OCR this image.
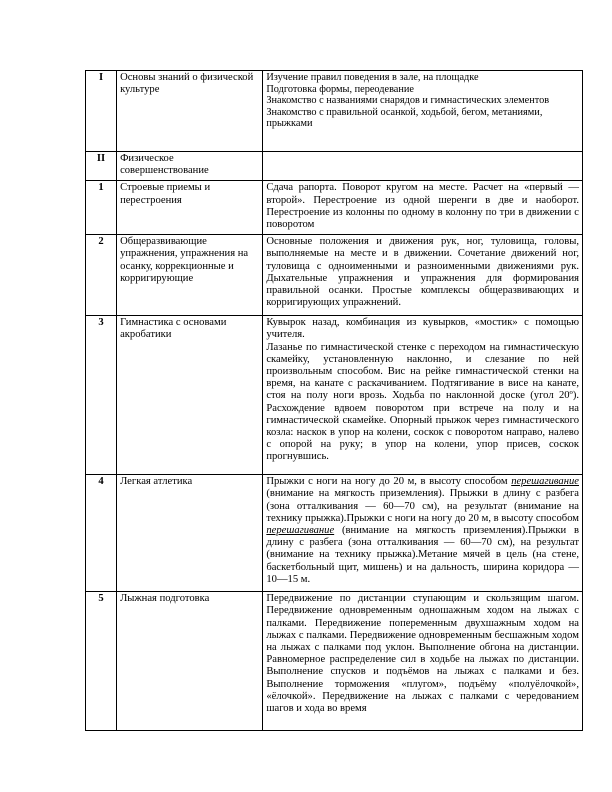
I	Основы знаний о физической культуре	Изучение правил поведения в зале, на площадке

Подготовка формы, переодевание

Знакомство с названиями снарядов и гимнастических элементов

Знакомство с правильной осанкой, ходьбой, бегом, метаниями, прыжками

II	Физическое совершенствование	
1	Строевые приемы и перестроения	Сдача рапорта. Поворот кругом на месте. Расчет на «первый — второй». Перестроение из одной шеренги в две и наоборот. Перестроение из колонны по одному в колонну по три в движении с поворотом
2	Общеразвивающие упражнения, упражнения на осанку, коррекционные и корригирующие	Основные положения и движения рук, ног, туловища, головы, выполняемые на месте и в движении. Сочетание движений ног, туловища с одноименными и разноименными движениями рук. Дыхательные упражнения и упражнения для формирования правильной осанки. Простые комплексы общеразвивающих и корригирующих упражнений.
3	Гимнастика с основами акробатики	Кувырок назад, комбинация из кувырков, «мостик» с помощью учителя.

Лазанье по гимнастической стенке с переходом на гимнастическую скамейку, установленную наклонно, и слезание по ней произвольным способом. Вис на рейке гимнастической стенки на время, на канате с раскачиванием. Подтягивание в висе на канате, стоя на полу ноги врозь. Ходьба по наклонной доске (угол 20º). Расхождение вдвоем поворотом при встрече на полу и на гимнастической скамейке. Опорный прыжок через гимнастического козла: наскок в упор на колени, соскок с поворотом направо, налево с опорой на руку; в упор на колени, упор присев, соскок прогнувшись.

4	Легкая атлетика	Прыжки с ноги на ногу до 20 м, в высоту способом перешагивание (внимание на мягкость приземления). Прыжки в длину с разбега (зона отталкивания — 60—70 см), на результат (внимание на технику прыжка).Прыжки с ноги на ногу до 20 м, в высоту способом перешагивание (внимание на мягкость приземления).Прыжки в длину с разбега (зона отталкивания — 60—70 см), на результат (внимание на технику прыжка).Метание мячей в цель (на стене, баскетбольный щит, мишень) и на дальность, ширина коридора — 10—15 м.
5	Лыжная подготовка	Передвижение по дистанции ступающим и скользящим шагом. Передвижение одновременным одношажным ходом на лыжах с палками. Передвижение попеременным двухшажным ходом на лыжах с палками. Передвижение одновременным бесшажным ходом на лыжах с палками под уклон. Выполнение обгона на дистанции. Равномерное распределение сил в ходьбе на лыжах по дистанции. Выполнение спусков и подъёмов на лыжах с палками и без. Выполнение торможения «плугом», подъёму «полуёлочкой», «ёлочкой». Передвижение на лыжах с палками с чередованием шагов и хода во время
